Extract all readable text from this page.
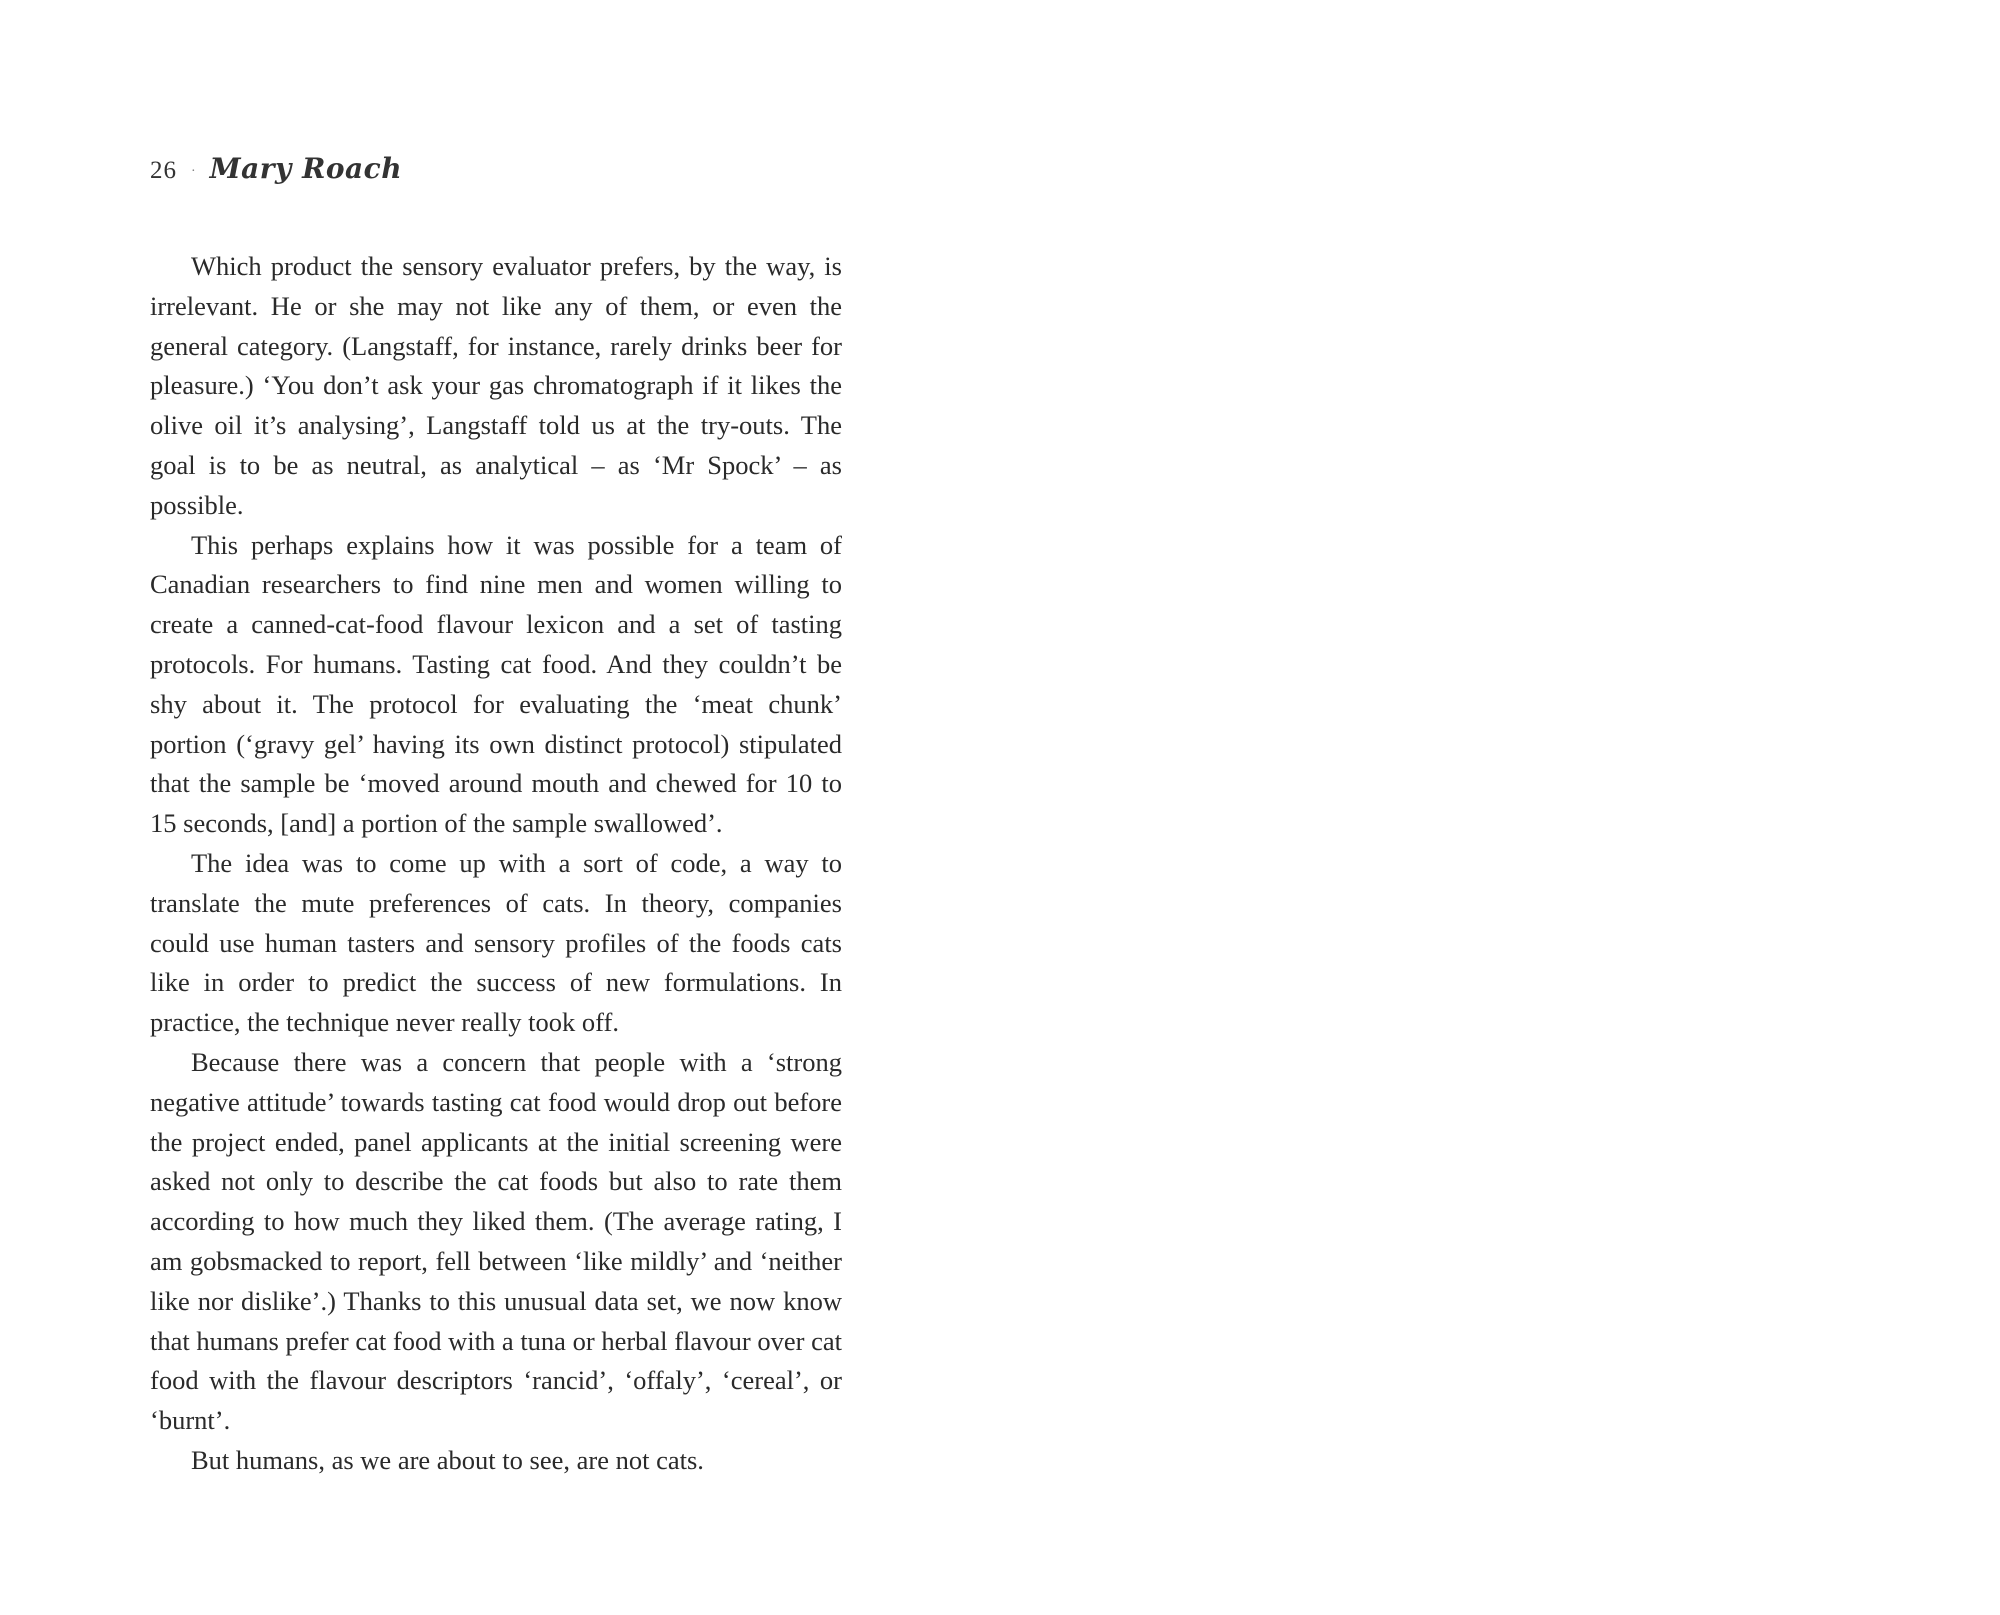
26 · Mary Roach

Which product the sensory evaluator prefers, by the way, is irrelevant. He or she may not like any of them, or even the general category. (Langstaff, for instance, rarely drinks beer for pleasure.) ‘You don’t ask your gas chromatograph if it likes the olive oil it’s analysing’, Langstaff told us at the try-outs. The goal is to be as neutral, as analytical – as ‘Mr Spock’ – as possible.

This perhaps explains how it was possible for a team of Canadian researchers to find nine men and women willing to create a canned-cat-food flavour lexicon and a set of tasting protocols. For humans. Tasting cat food. And they couldn’t be shy about it. The protocol for evaluating the ‘meat chunk’ portion (‘gravy gel’ having its own distinct protocol) stipulated that the sample be ‘moved around mouth and chewed for 10 to 15 seconds, [and] a portion of the sample swallowed’.

The idea was to come up with a sort of code, a way to translate the mute preferences of cats. In theory, companies could use human tasters and sensory profiles of the foods cats like in order to predict the success of new formulations. In practice, the technique never really took off.

Because there was a concern that people with a ‘strong negative attitude’ towards tasting cat food would drop out before the project ended, panel applicants at the initial screening were asked not only to describe the cat foods but also to rate them according to how much they liked them. (The average rating, I am gobsmacked to report, fell between ‘like mildly’ and ‘neither like nor dislike’.) Thanks to this unusual data set, we now know that humans prefer cat food with a tuna or herbal flavour over cat food with the flavour descriptors ‘rancid’, ‘offaly’, ‘cereal’, or ‘burnt’.

But humans, as we are about to see, are not cats.
